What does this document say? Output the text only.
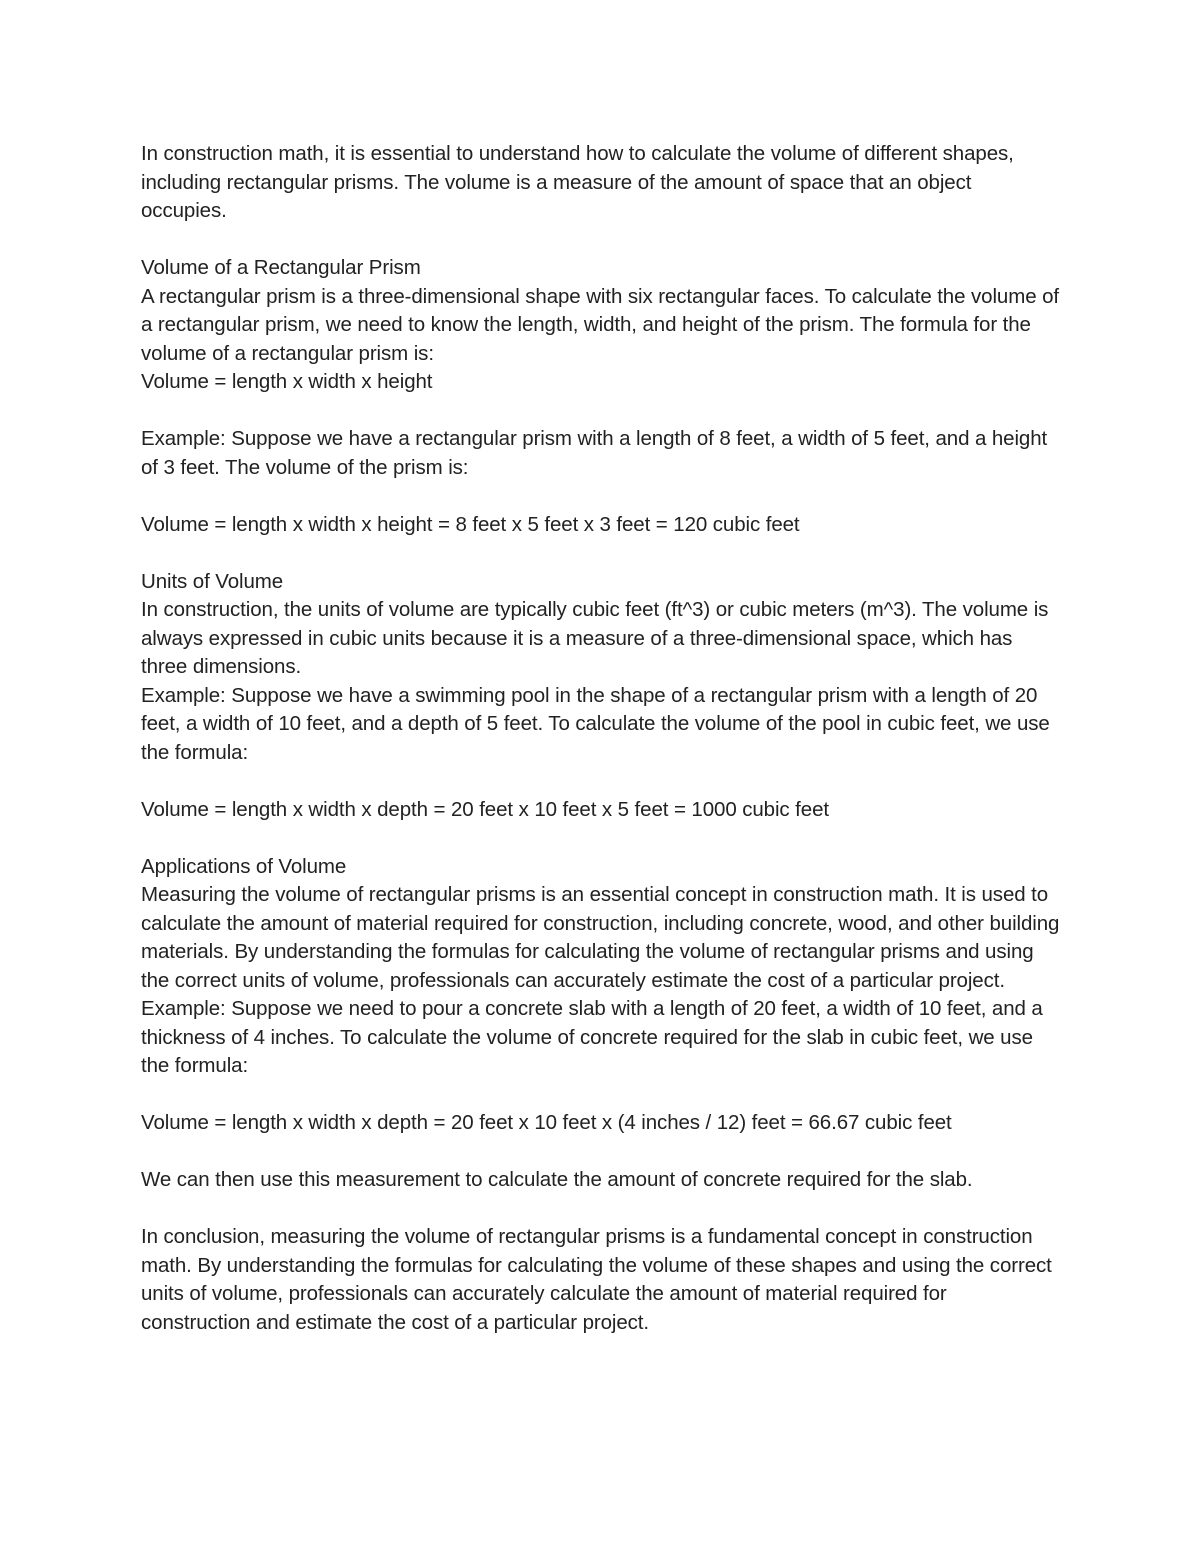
In construction math, it is essential to understand how to calculate the volume of different shapes, including rectangular prisms. The volume is a measure of the amount of space that an object occupies.

Volume of a Rectangular Prism

A rectangular prism is a three-dimensional shape with six rectangular faces. To calculate the volume of a rectangular prism, we need to know the length, width, and height of the prism. The formula for the volume of a rectangular prism is:

Volume = length x width x height

Example: Suppose we have a rectangular prism with a length of 8 feet, a width of 5 feet, and a height of 3 feet. The volume of the prism is:

Volume = length x width x height = 8 feet x 5 feet x 3 feet = 120 cubic feet

Units of Volume

In construction, the units of volume are typically cubic feet (ft^3) or cubic meters (m^3). The volume is always expressed in cubic units because it is a measure of a three-dimensional space, which has three dimensions.

Example: Suppose we have a swimming pool in the shape of a rectangular prism with a length of 20 feet, a width of 10 feet, and a depth of 5 feet. To calculate the volume of the pool in cubic feet, we use the formula:

Volume = length x width x depth = 20 feet x 10 feet x 5 feet = 1000 cubic feet

Applications of Volume

Measuring the volume of rectangular prisms is an essential concept in construction math. It is used to calculate the amount of material required for construction, including concrete, wood, and other building materials. By understanding the formulas for calculating the volume of rectangular prisms and using the correct units of volume, professionals can accurately estimate the cost of a particular project.

Example: Suppose we need to pour a concrete slab with a length of 20 feet, a width of 10 feet, and a thickness of 4 inches. To calculate the volume of concrete required for the slab in cubic feet, we use the formula:

Volume = length x width x depth = 20 feet x 10 feet x (4 inches / 12) feet = 66.67 cubic feet

We can then use this measurement to calculate the amount of concrete required for the slab.

In conclusion, measuring the volume of rectangular prisms is a fundamental concept in construction math. By understanding the formulas for calculating the volume of these shapes and using the correct units of volume, professionals can accurately calculate the amount of material required for construction and estimate the cost of a particular project.
